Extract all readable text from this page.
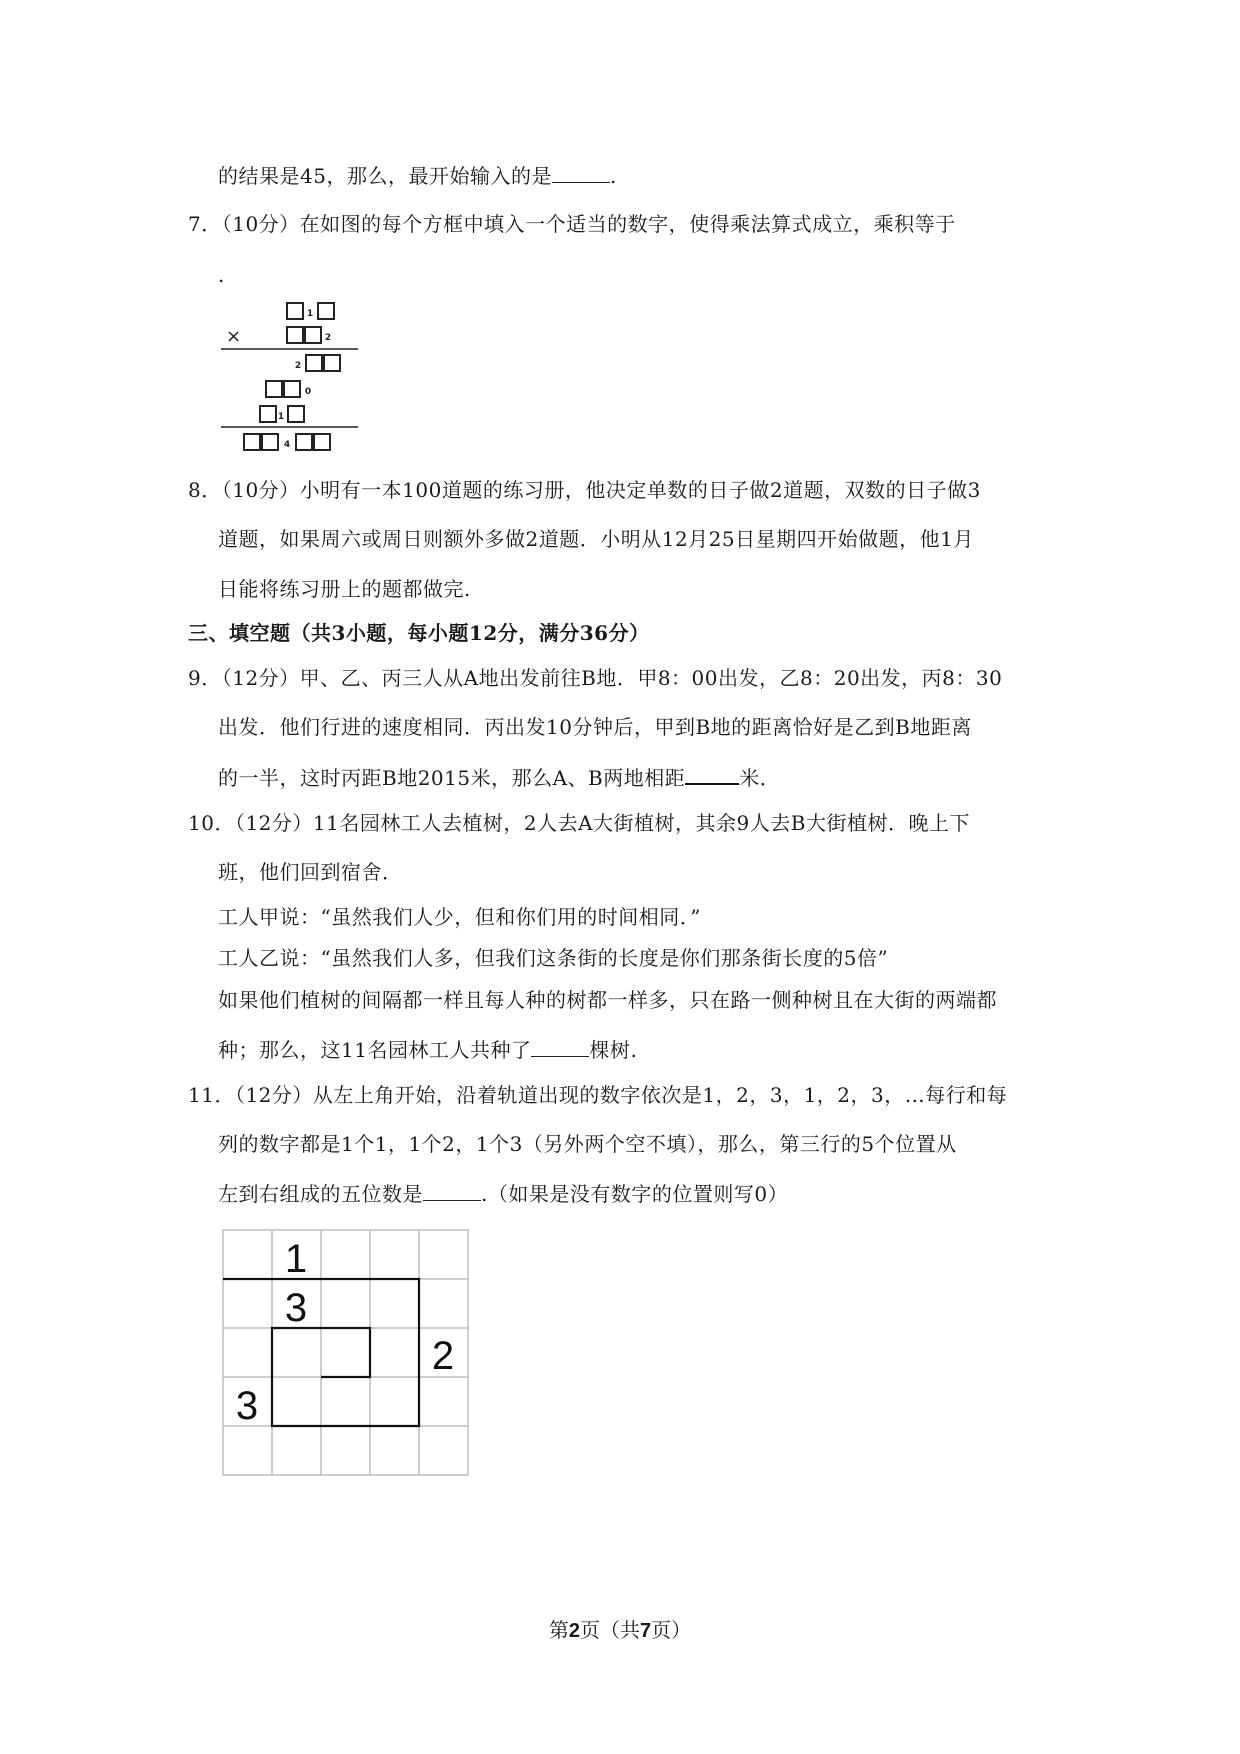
的结果是45，那么，最开始输入的是	.
7．（10分）在如图的每个方框中填入一个适当的数字，使得乘法算式成立，乘积等于
.
1
2
2
0
1
4
×
8．（10分）小明有一本100道题的练习册，他决定单数的日子做2道题，双数的日子做3
道题，如果周六或周日则额外多做2道题．小明从12月25日星期四开始做题，他1月
日能将练习册上的题都做完.
三、填空题（共3小题，每小题12分，满分36分）
9．（12分）甲、乙、丙三人从A地出发前往B地．甲8：00出发，乙8：20出发，丙8：30
出发．他们行进的速度相同．丙出发10分钟后，甲到B地的距离恰好是乙到B地距离
的一半，这时丙距B地2015米，那么A、B两地相距	米．
10．（12分）11名园林工人去植树，2人去A大街植树，其余9人去B大街植树．晚上下
班，他们回到宿舍．
工人甲说：“虽然我们人少，但和你们用的时间相同．”
工人乙说：“虽然我们人多，但我们这条街的长度是你们那条街长度的5倍”
如果他们植树的间隔都一样且每人种的树都一样多，只在路一侧种树且在大街的两端都
种；那么，这11名园林工人共种了	棵树.
11．（12分）从左上角开始，沿着轨道出现的数字依次是1，2，3，1，2，3，…每行和每
列的数字都是1个1，1个2，1个3（另外两个空不填），那么，第三行的5个位置从
左到右组成的五位数是	.（如果是没有数字的位置则写0）
1
3
2
3
第2页（共7页）
